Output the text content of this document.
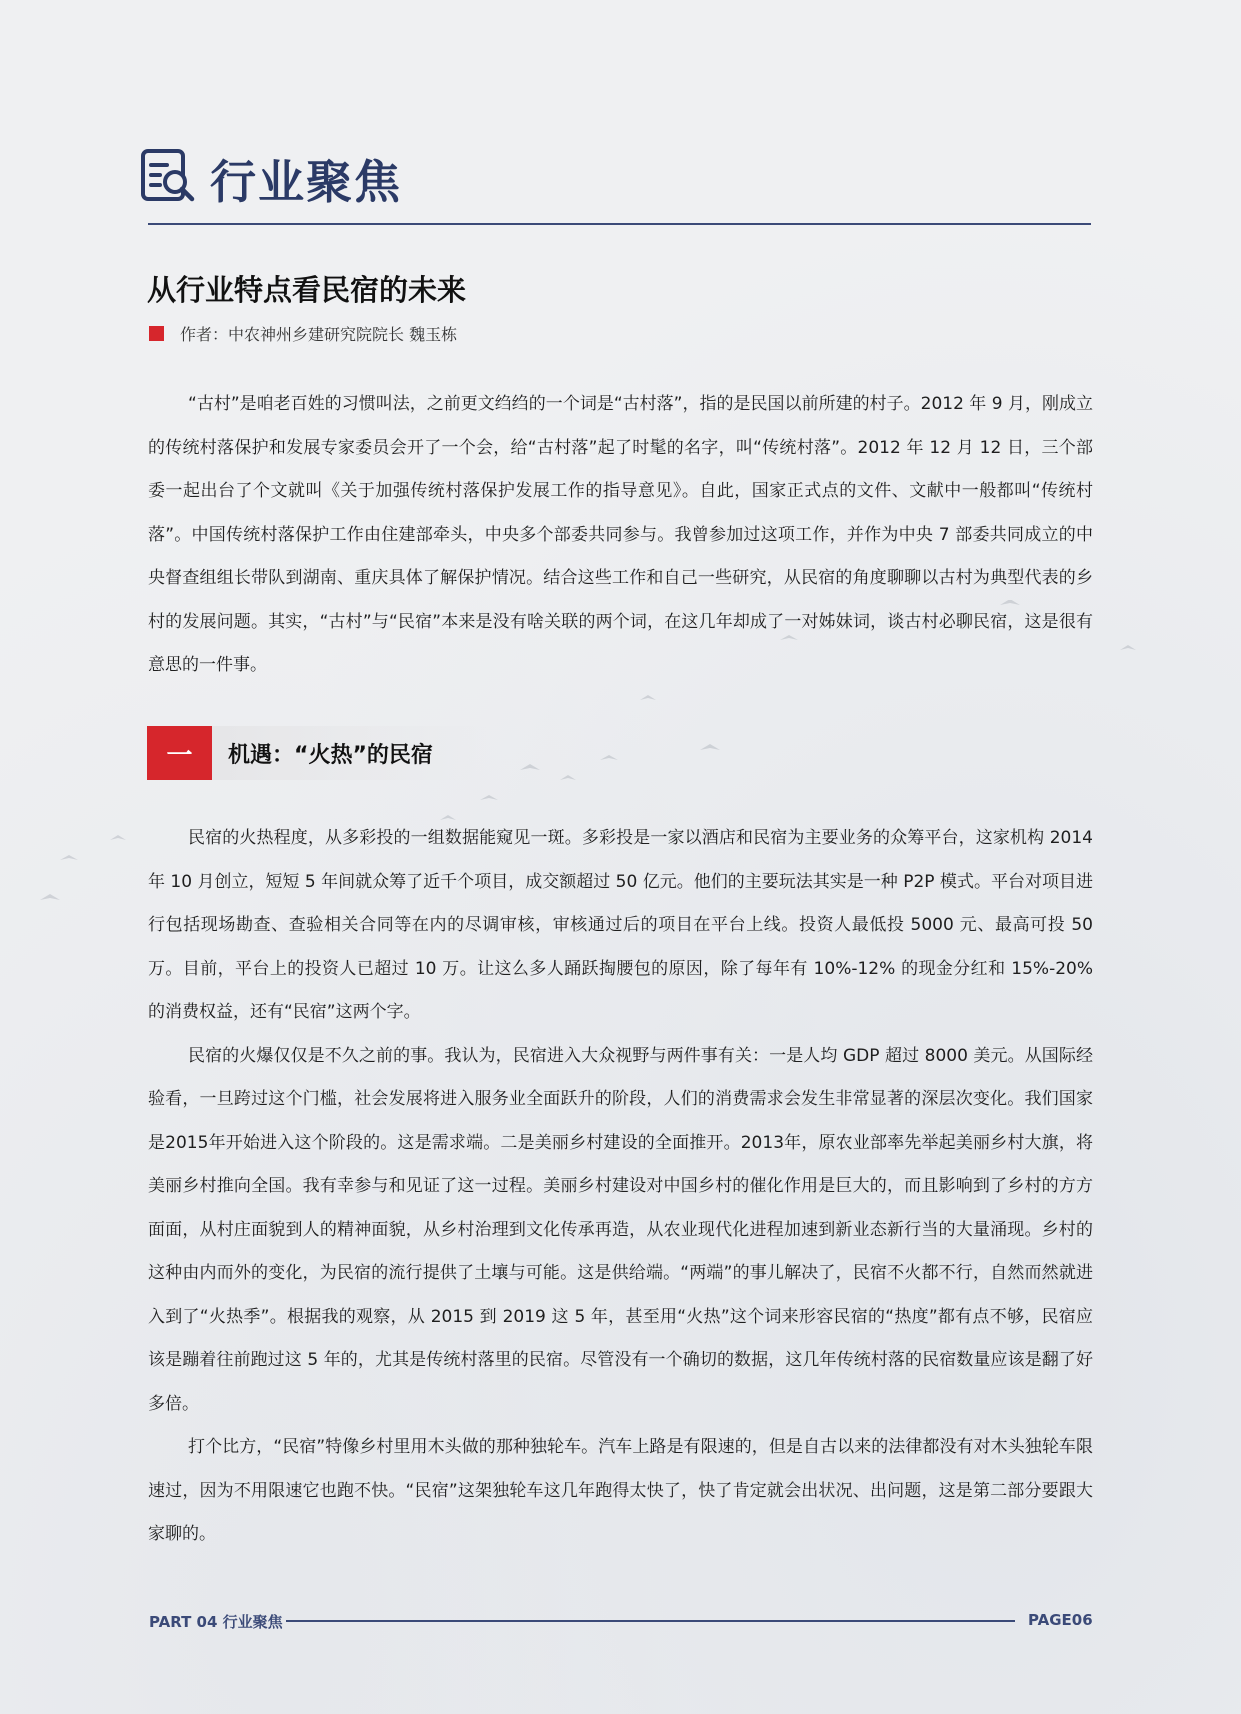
行业聚焦
从行业特点看民宿的未来
作者：中农神州乡建研究院院长 魏玉栋

“古村”是咱老百姓的习惯叫法，之前更文绉绉的一个词是“古村落”，指的是民国以前所建的村子。2012 年 9 月，刚成立的传统村落保护和发展专家委员会开了一个会，给“古村落”起了时髦的名字，叫“传统村落”。2012 年 12 月 12 日，三个部委一起出台了个文就叫《关于加强传统村落保护发展工作的指导意见》。自此，国家正式点的文件、文献中一般都叫“传统村落”。中国传统村落保护工作由住建部牵头，中央多个部委共同参与。我曾参加过这项工作，并作为中央 7 部委共同成立的中央督查组组长带队到湖南、重庆具体了解保护情况。结合这些工作和自己一些研究，从民宿的角度聊聊以古村为典型代表的乡村的发展问题。其实，“古村”与“民宿”本来是没有啥关联的两个词，在这几年却成了一对姊妹词，谈古村必聊民宿，这是很有意思的一件事。

一	机遇：“火热”的民宿

民宿的火热程度，从多彩投的一组数据能窥见一斑。多彩投是一家以酒店和民宿为主要业务的众筹平台，这家机构 2014 年 10 月创立，短短 5 年间就众筹了近千个项目，成交额超过 50 亿元。他们的主要玩法其实是一种 P2P 模式。平台对项目进行包括现场勘查、查验相关合同等在内的尽调审核，审核通过后的项目在平台上线。投资人最低投 5000 元、最高可投 50 万。目前，平台上的投资人已超过 10 万。让这么多人踊跃掏腰包的原因，除了每年有 10%-12% 的现金分红和 15%-20% 的消费权益，还有“民宿”这两个字。

民宿的火爆仅仅是不久之前的事。我认为，民宿进入大众视野与两件事有关：一是人均 GDP 超过 8000 美元。从国际经验看，一旦跨过这个门槛，社会发展将进入服务业全面跃升的阶段，人们的消费需求会发生非常显著的深层次变化。我们国家是2015年开始进入这个阶段的。这是需求端。二是美丽乡村建设的全面推开。2013年，原农业部率先举起美丽乡村大旗，将美丽乡村推向全国。我有幸参与和见证了这一过程。美丽乡村建设对中国乡村的催化作用是巨大的，而且影响到了乡村的方方面面，从村庄面貌到人的精神面貌，从乡村治理到文化传承再造，从农业现代化进程加速到新业态新行当的大量涌现。乡村的这种由内而外的变化，为民宿的流行提供了土壤与可能。这是供给端。“两端”的事儿解决了，民宿不火都不行，自然而然就进入到了“火热季”。根据我的观察，从 2015 到 2019 这 5 年，甚至用“火热”这个词来形容民宿的“热度”都有点不够，民宿应该是蹦着往前跑过这 5 年的，尤其是传统村落里的民宿。尽管没有一个确切的数据，这几年传统村落的民宿数量应该是翻了好多倍。

打个比方，“民宿”特像乡村里用木头做的那种独轮车。汽车上路是有限速的，但是自古以来的法律都没有对木头独轮车限速过，因为不用限速它也跑不快。“民宿”这架独轮车这几年跑得太快了，快了肯定就会出状况、出问题，这是第二部分要跟大家聊的。

PART 04 行业聚焦	PAGE06
